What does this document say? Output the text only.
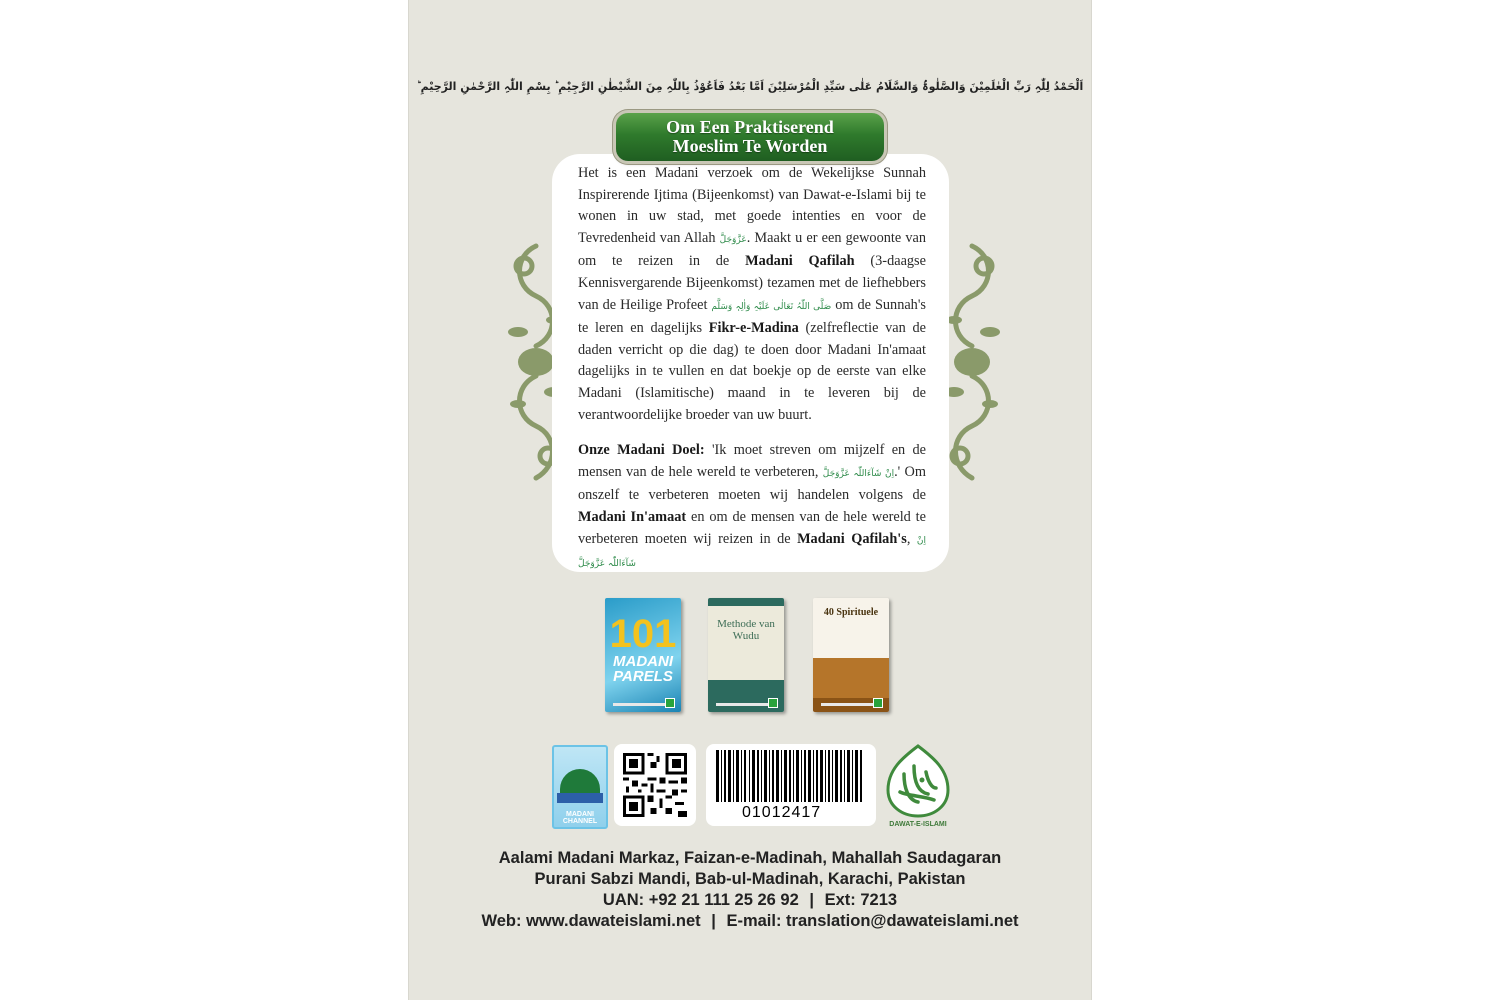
اَلْحَمْدُ لِلّٰہِ رَبِّ الْعٰلَمِیْنَ وَالصَّلٰوۃُ وَالسَّلَامُ عَلٰی سَیِّدِ الْمُرْسَلِیْنَ اَمَّا بَعْدُ فَاَعُوْذُ بِاللّٰہِ مِنَ الشَّیْطٰنِ الرَّجِیْمِ ؕ بِسْمِ اللّٰہِ الرَّحْمٰنِ الرَّحِیْمِ ؕ
Om Een Praktiserend
Moeslim Te Worden

Het is een Madani verzoek om de Wekelijkse Sunnah Inspirerende Ijtima (Bijeenkomst) van Dawat-e-Islami bij te wonen in uw stad, met goede intenties en voor de Tevredenheid van Allah عَزَّوَجَلَّ. Maakt u er een gewoonte van om te reizen in de Madani Qafilah (3-daagse Kennisvergarende Bijeenkomst) tezamen met de liefhebbers van de Heilige Profeet صَلَّی اللّٰہُ تَعَالٰی عَلَیْہِ وَاٰلِہٖ وَسَلَّم om de Sunnah's te leren en dagelijks Fikr-e-Madina (zelfreflectie van de daden verricht op die dag) te doen door Madani In'amaat dagelijks in te vullen en dat boekje op de eerste van elke Madani (Islamitische) maand in te leveren bij de verantwoordelijke broeder van uw buurt.

Onze Madani Doel: 'Ik moet streven om mijzelf en de mensen van de hele wereld te verbeteren, اِنْ شَآءَاللّٰہ عَزَّوَجَلَّ.' Om onszelf te verbeteren moeten wij handelen volgens de Madani In'amaat en om de mensen van de hele wereld te verbeteren moeten wij reizen in de Madani Qafilah's, اِنْ شَآءَاللّٰہ عَزَّوَجَلَّ

101
MADANI PARELS
Methode van Wudu
40 Spirituele
MADANI CHANNEL
01012417
DAWAT-E-ISLAMI
Aalami Madani Markaz, Faizan-e-Madinah, Mahallah Saudagaran
Purani Sabzi Mandi, Bab-ul-Madinah, Karachi, Pakistan
UAN: +92 21 111 25 26 92 | Ext: 7213
Web: www.dawateislami.net | E-mail: translation@dawateislami.net
